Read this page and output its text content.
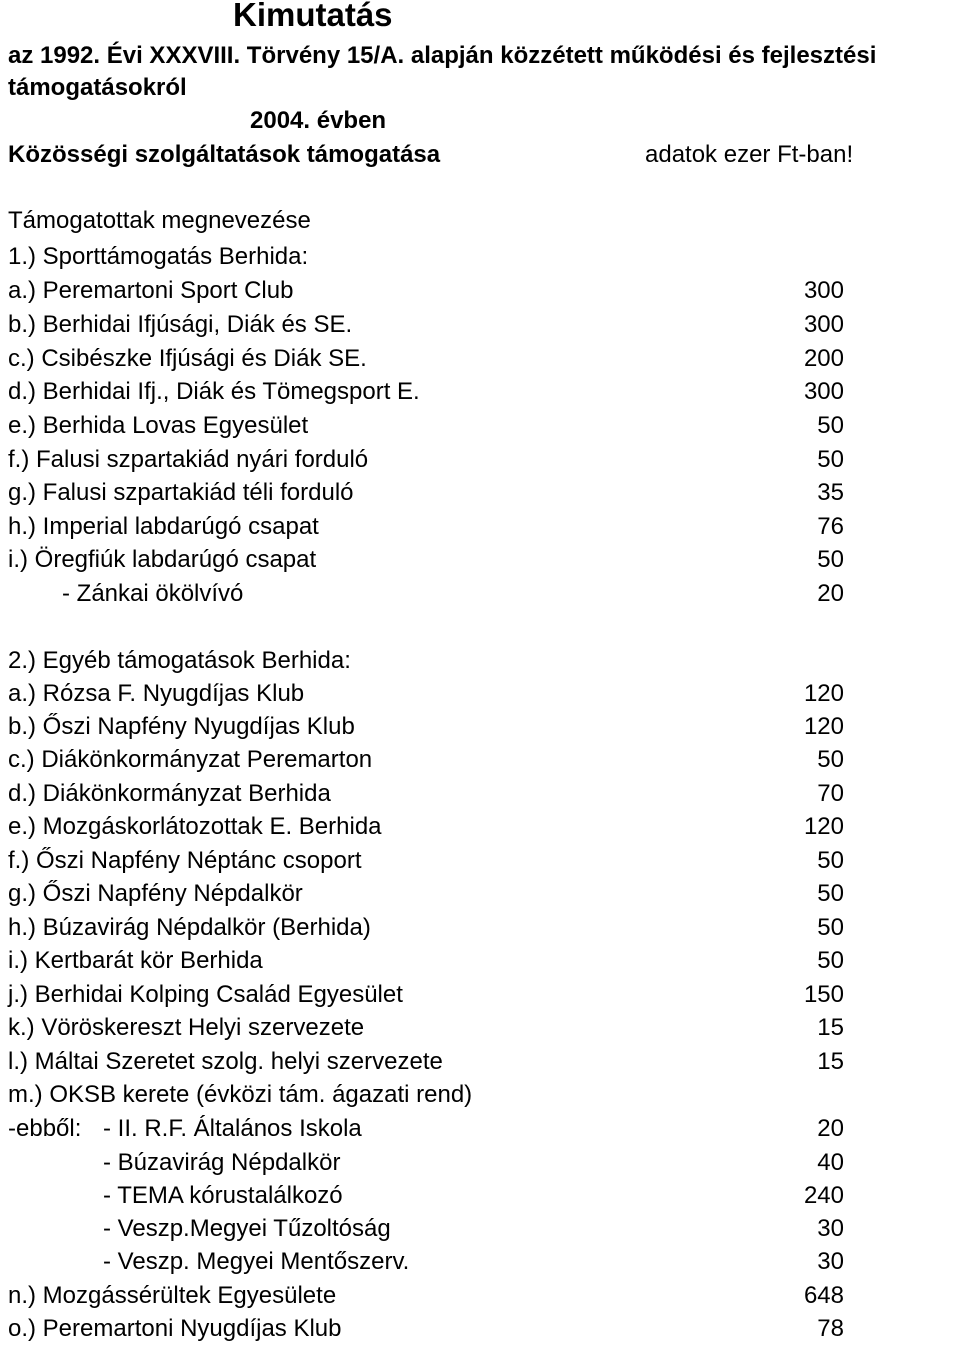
Kimutatás
az 1992. Évi XXXVIII. Törvény 15/A. alapján közzétett működési és fejlesztési
támogatásokról
2004. évben
Közösségi szolgáltatások támogatása	adatok ezer Ft-ban!
Támogatottak megnevezése
1.) Sporttámogatás Berhida:
a.) Peremartoni Sport Club	300
b.) Berhidai Ifjúsági, Diák és SE.	300
c.) Csibészke Ifjúsági és Diák SE.	200
d.) Berhidai Ifj., Diák és Tömegsport E.	300
e.) Berhida Lovas Egyesület	50
f.) Falusi szpartakiád nyári forduló	50
g.) Falusi szpartakiád téli forduló	35
h.) Imperial labdarúgó csapat	76
i.) Öregfiúk labdarúgó csapat	50
- Zánkai ökölvívó	20
2.) Egyéb támogatások Berhida:
a.) Rózsa F. Nyugdíjas Klub	120
b.) Őszi Napfény Nyugdíjas Klub	120
c.) Diákönkormányzat Peremarton	50
d.) Diákönkormányzat Berhida	70
e.) Mozgáskorlátozottak E. Berhida	120
f.) Őszi Napfény Néptánc csoport	50
g.) Őszi Napfény Népdalkör	50
h.) Búzavirág Népdalkör (Berhida)	50
i.) Kertbarát kör Berhida	50
j.) Berhidai Kolping Család Egyesület	150
k.) Vöröskereszt Helyi szervezete	15
l.) Máltai Szeretet szolg. helyi szervezete	15
m.) OKSB kerete (évközi tám. ágazati rend)
-ebből: - II. R.F. Általános Iskola	20
- Búzavirág Népdalkör	40
- TEMA kórustalálkozó	240
- Veszp.Megyei Tűzoltóság	30
- Veszp. Megyei Mentőszerv.	30
n.) Mozgássérültek Egyesülete	648
o.) Peremartoni Nyugdíjas Klub	78
